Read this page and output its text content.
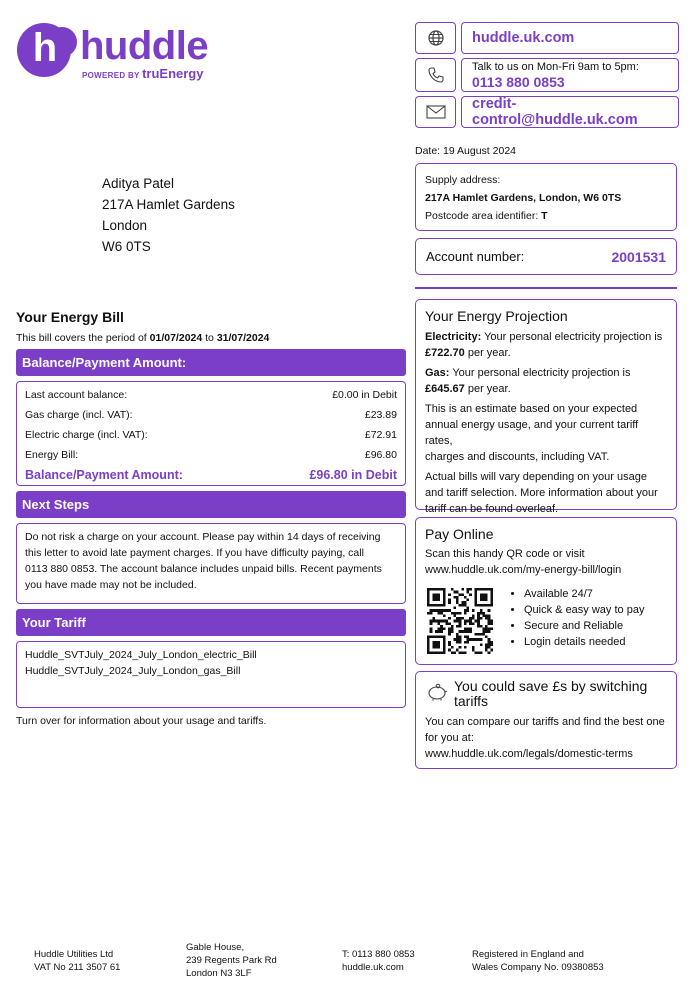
h huddle
POWERED BY truEnergy
huddle.uk.com
Talk to us on Mon-Fri 9am to 5pm:
0113 880 0853
credit-control@huddle.uk.com
Date: 19 August 2024
Aditya Patel
217A Hamlet Gardens
London
W6 0TS
Supply address:
217A Hamlet Gardens, London, W6 0TS
Postcode area identifier: T
Account number:	2001531
Your Energy Bill
This bill covers the period of 01/07/2024 to 31/07/2024
Balance/Payment Amount:
Last account balance:	£0.00 in Debit
Gas charge (incl. VAT):	£23.89
Electric charge (incl. VAT):	£72.91
Energy Bill:	£96.80
Balance/Payment Amount:	£96.80 in Debit
Next Steps
Do not risk a charge on your account. Please pay within 14 days of receiving
this letter to avoid late payment charges. If you have difficulty paying, call
0113 880 0853. The account balance includes unpaid bills. Recent payments
you have made may not be included.
Your Tariff
Huddle_SVTJuly_2024_July_London_electric_Bill
Huddle_SVTJuly_2024_July_London_gas_Bill
Turn over for information about your usage and tariffs.
Your Energy Projection
Electricity: Your personal electricity projection is
£722.70 per year.
Gas: Your personal electricity projection is
£645.67 per year.
This is an estimate based on your expected
annual energy usage, and your current tariff rates,
charges and discounts, including VAT.
Actual bills will vary depending on your usage
and tariff selection. More information about your
tariff can be found overleaf.
Pay Online
Scan this handy QR code or visit
www.huddle.uk.com/my-energy-bill/login
• Available 24/7
• Quick & easy way to pay
• Secure and Reliable
• Login details needed
You could save £s by switching
tariffs
You can compare our tariffs and find the best one
for you at:
www.huddle.uk.com/legals/domestic-terms
Huddle Utilities Ltd
VAT No 211 3507 61
Gable House,
239 Regents Park Rd
London N3 3LF
T: 0113 880 0853
huddle.uk.com
Registered in England and
Wales Company No. 09380853
